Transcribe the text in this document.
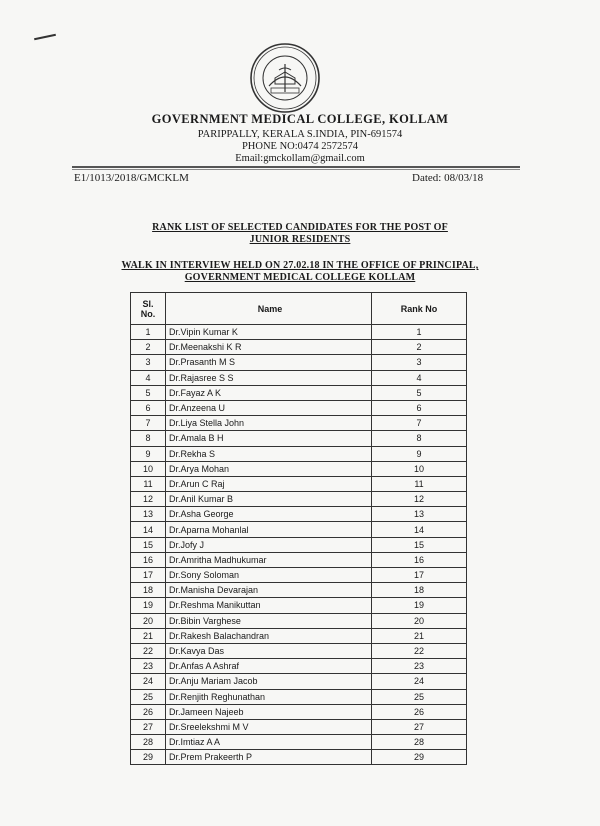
GOVERNMENT MEDICAL COLLEGE, KOLLAM
PARIPPALLY, KERALA S.INDIA, PIN-691574
PHONE NO:0474 2572574
Email:gmckollam@gmail.com
E1/1013/2018/GMCKLM	Dated: 08/03/18
RANK LIST OF SELECTED CANDIDATES FOR THE POST OF
JUNIOR RESIDENTS
WALK IN INTERVIEW HELD ON 27.02.18 IN THE OFFICE OF PRINCIPAL,
GOVERNMENT MEDICAL COLLEGE KOLLAM
Sl.
No.	Name	Rank No
1	Dr.Vipin Kumar K	1
2	Dr.Meenakshi K R	2
3	Dr.Prasanth M S	3
4	Dr.Rajasree S S	4
5	Dr.Fayaz A K	5
6	Dr.Anzeena U	6
7	Dr.Liya Stella John	7
8	Dr.Amala B H	8
9	Dr.Rekha S	9
10	Dr.Arya Mohan	10
11	Dr.Arun C Raj	11
12	Dr.Anil Kumar B	12
13	Dr.Asha George	13
14	Dr.Aparna Mohanlal	14
15	Dr.Jofy J	15
16	Dr.Amritha Madhukumar	16
17	Dr.Sony Soloman	17
18	Dr.Manisha Devarajan	18
19	Dr.Reshma Manikuttan	19
20	Dr.Bibin Varghese	20
21	Dr.Rakesh Balachandran	21
22	Dr.Kavya Das	22
23	Dr.Anfas A Ashraf	23
24	Dr.Anju Mariam Jacob	24
25	Dr.Renjith Reghunathan	25
26	Dr.Jameen Najeeb	26
27	Dr.Sreelekshmi M V	27
28	Dr.Imtiaz A A	28
29	Dr.Prem Prakeerth P	29
